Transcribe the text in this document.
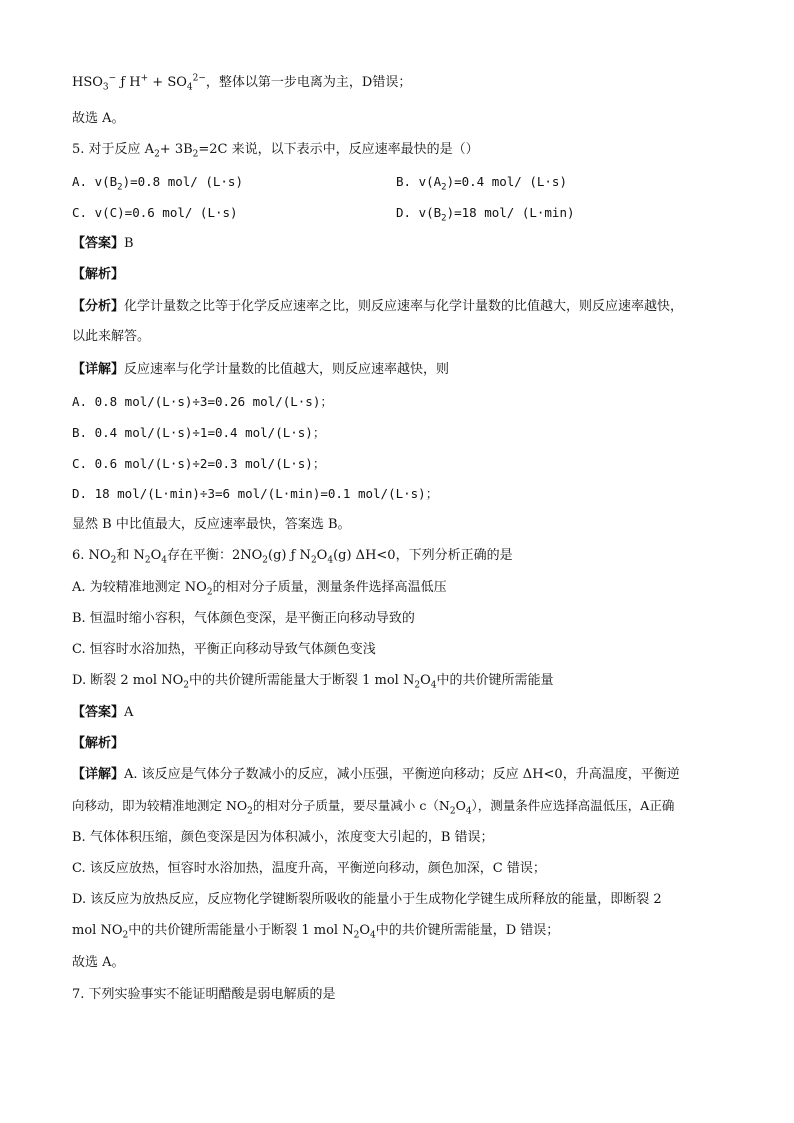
$HSO_3^-$ ƒ $H^+ + SO_4^{2-}$，整体以第一步电离为主，D错误；
故选 A。
5. 对于反应 $A_2+ 3B_2=2C$ 来说，以下表示中，反应速率最快的是（）
A. $v(B_2)=0.8$ mol/ (L·s)	B. $v(A_2)=0.4$ mol/ (L·s)
C. v(C)=0.6 mol/ (L·s)	D. $v(B_2)=18$ mol/ (L·min)
【答案】B
【解析】
【分析】化学计量数之比等于化学反应速率之比，则反应速率与化学计量数的比值越大，则反应速率越快，
以此来解答。
【详解】反应速率与化学计量数的比值越大，则反应速率越快，则
A. 0.8 mol/(L·s)÷3=0.26 mol/(L·s)；
B. 0.4 mol/(L·s)÷1=0.4 mol/(L·s)；
C. 0.6 mol/(L·s)÷2=0.3 mol/(L·s)；
D. 18 mol/(L·min)÷3=6 mol/(L·min)=0.1 mol/(L·s)；
显然 B 中比值最大，反应速率最快，答案选 B。
6. $NO_2$和 $N_2O_4$存在平衡：$2NO_2(g)$ ƒ $N_2O_4(g)$ ΔH<0，下列分析正确的是
A. 为较精准地测定 $NO_2$的相对分子质量，测量条件选择高温低压
B. 恒温时缩小容积，气体颜色变深，是平衡正向移动导致的
C. 恒容时水浴加热，平衡正向移动导致气体颜色变浅
D. 断裂 2 mol $NO_2$中的共价键所需能量大于断裂 1 mol $N_2O_4$中的共价键所需能量
【答案】A
【解析】
【详解】A. 该反应是气体分子数减小的反应，减小压强，平衡逆向移动；反应 ΔH<0，升高温度，平衡逆
向移动，即为较精准地测定 $NO_2$的相对分子质量，要尽量减小 $c(N_2O_4)$，测量条件应选择高温低压，A正确
B. 气体体积压缩，颜色变深是因为体积减小，浓度变大引起的，B 错误；
C. 该反应放热，恒容时水浴加热，温度升高，平衡逆向移动，颜色加深，C 错误；
D. 该反应为放热反应，反应物化学键断裂所吸收的能量小于生成物化学键生成所释放的能量，即断裂 2
mol $NO_2$中的共价键所需能量小于断裂 1 mol $N_2O_4$中的共价键所需能量，D 错误；
故选 A。
7. 下列实验事实不能证明醋酸是弱电解质的是
